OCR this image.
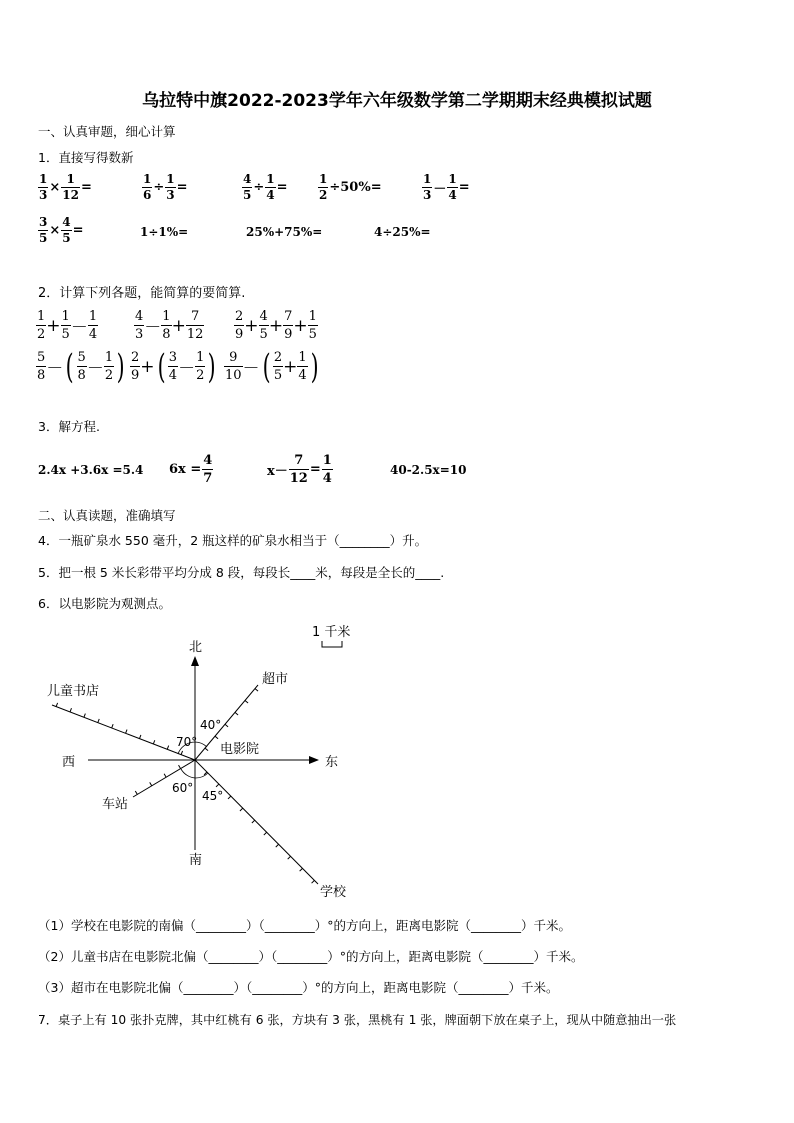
乌拉特中旗2022-2023学年六年级数学第二学期期末经典模拟试题
一、认真审题，细心计算
1．直接写得数新
$\frac{1}{3} \times \frac{1}{12}$ =	$\frac{1}{6} \div \frac{1}{3}$ =	$\frac{4}{5} \div \frac{1}{4}$ =	$\frac{1}{2} \div 50\%=$	$\frac{1}{3} - \frac{1}{4}$ =
$\frac{3}{5} \times \frac{4}{5}$ =	1÷1%=	25%+75%=	4÷25%=
2．计算下列各题，能简算的要简算.
$\frac{1}{2} + \frac{1}{5} - \frac{1}{4}$	$\frac{4}{3} - \frac{1}{8} + \frac{7}{12} \frac{2}{9} + \frac{4}{5} + \frac{7}{9} + \frac{1}{5}$
$\frac{5}{8}$ － ( $\frac{5}{8} - \frac{1}{2}$ ) $\frac{2}{9}$ + ( $\frac{3}{4} - \frac{1}{2}$ ) $\frac{9}{10}$ － ( $\frac{2}{5} + \frac{1}{4}$ )
3．解方程.
2.4x +3.6x =5.4 $6x = \frac{4}{7}$	$x- \frac{7}{12} = \frac{1}{4}$	40-2.5x=10
二、认真读题，准确填写
4．一瓶矿泉水 550 毫升，2 瓶这样的矿泉水相当于（________）升。
5．把一根 5 米长彩带平均分成 8 段，每段长____米，每段是全长的____.
6．以电影院为观测点。
1 千米
北
南
东
西
电影院
超市
儿童书店
车站
学校
40°
70°
60°
45°
（1）学校在电影院的南偏（________）（________）°的方向上，距离电影院（________）千米。
（2）儿童书店在电影院北偏（________）（________）°的方向上，距离电影院（________）千米。
（3）超市在电影院北偏（________）（________）°的方向上，距离电影院（________）千米。
7．桌子上有 10 张扑克牌，其中红桃有 6 张，方块有 3 张，黑桃有 1 张，牌面朝下放在桌子上，现从中随意抽出一张
